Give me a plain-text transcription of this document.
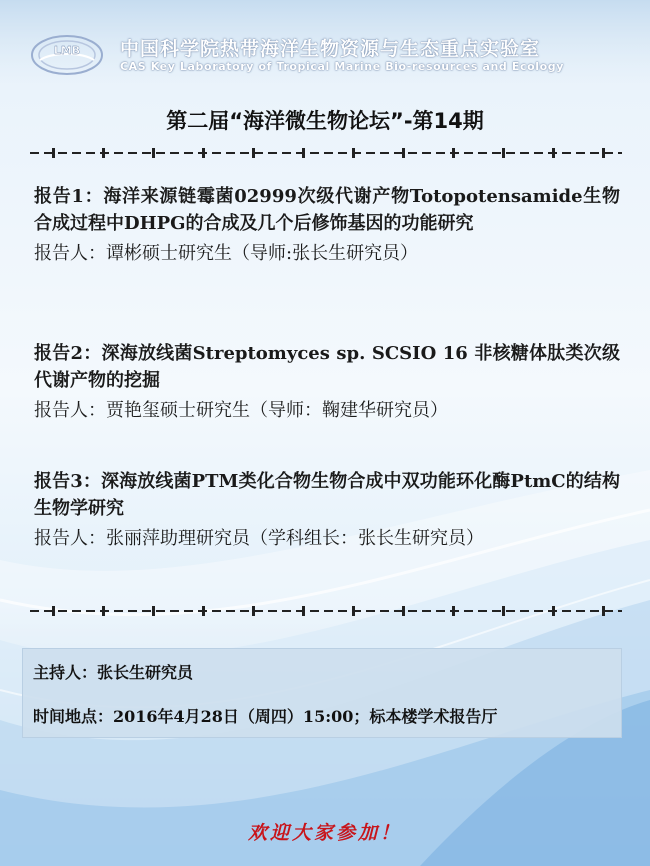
LMB 中国科学院热带海洋生物资源与生态重点实验室
CAS Key Laboratory of Tropical Marine Bio-resources and Ecology
第二届“海洋微生物论坛”-第14期

报告1：海洋来源链霉菌02999次级代谢产物Totopotensamide生物合成过程中DHPG的合成及几个后修饰基因的功能研究

报告人：谭彬硕士研究生（导师:张长生研究员）

报告2：深海放线菌Streptomyces sp. SCSIO 16 非核糖体肽类次级代谢产物的挖掘

报告人：贾艳玺硕士研究生（导师：鞠建华研究员）

报告3：深海放线菌PTM类化合物生物合成中双功能环化酶PtmC的结构生物学研究

报告人：张丽萍助理研究员（学科组长：张长生研究员）

主持人：张长生研究员
时间地点：2016年4月28日（周四）15:00；标本楼学术报告厅
欢迎大家参加！
